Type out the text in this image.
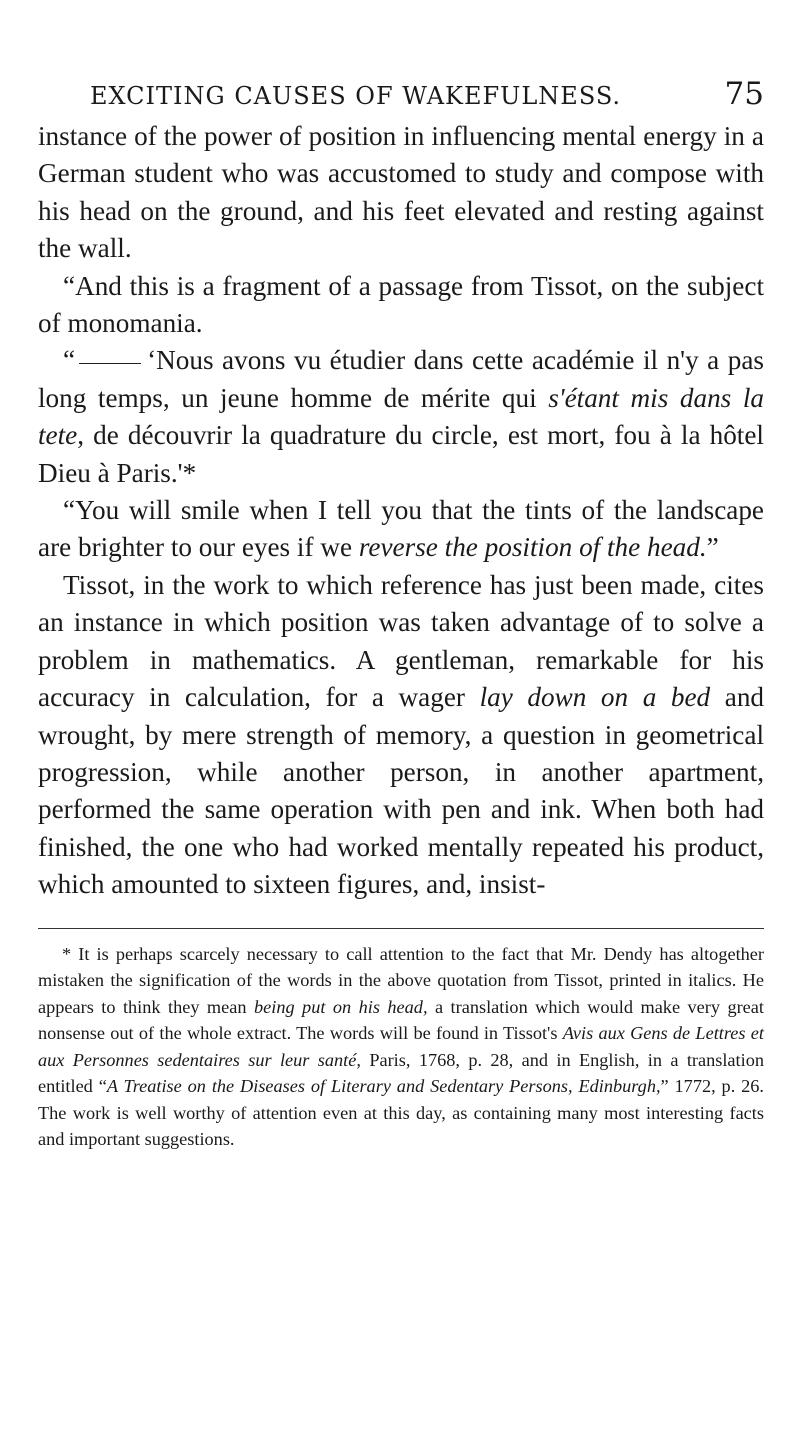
EXCITING CAUSES OF WAKEFULNESS.	75

instance of the power of position in influencing mental energy in a German student who was accustomed to study and compose with his head on the ground, and his feet elevated and resting against the wall.

“And this is a fragment of a passage from Tissot, on the subject of monomania.

“	‘Nous avons vu étudier dans cette académie il n'y a pas long temps, un jeune homme de mérite qui s'étant mis dans la tete, de découvrir la quadrature du circle, est mort, fou à la hôtel Dieu à Paris.'*

“You will smile when I tell you that the tints of the landscape are brighter to our eyes if we reverse the position of the head.”

Tissot, in the work to which reference has just been made, cites an instance in which position was taken advantage of to solve a problem in mathematics. A gentleman, remarkable for his accuracy in calculation, for a wager lay down on a bed and wrought, by mere strength of memory, a question in geometrical progression, while another person, in another apartment, performed the same operation with pen and ink. When both had finished, the one who had worked mentally repeated his product, which amounted to sixteen figures, and, insist-

* It is perhaps scarcely necessary to call attention to the fact that Mr. Dendy has altogether mistaken the signification of the words in the above quotation from Tissot, printed in italics. He appears to think they mean being put on his head, a translation which would make very great nonsense out of the whole extract. The words will be found in Tissot's Avis aux Gens de Lettres et aux Personnes sedentaires sur leur santé, Paris, 1768, p. 28, and in English, in a translation entitled “A Treatise on the Diseases of Literary and Sedentary Persons, Edinburgh,” 1772, p. 26. The work is well worthy of attention even at this day, as containing many most interesting facts and important suggestions.
